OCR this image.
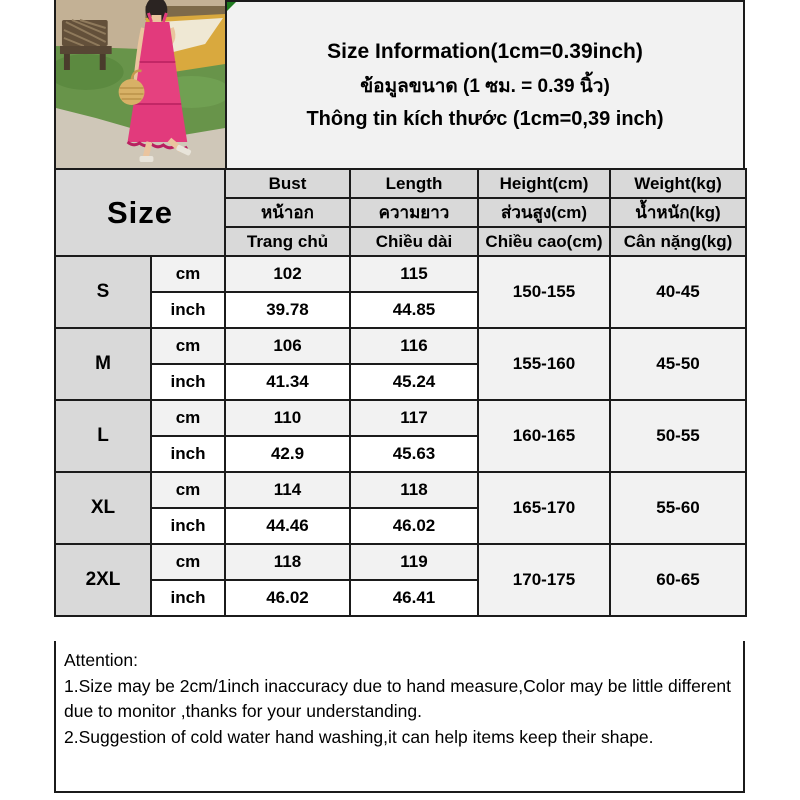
Size Information(1cm=0.39inch)
ข้อมูลขนาด (1 ซม. = 0.39 นิ้ว)
Thông tin kích thước (1cm=0,39 inch)
Size		Bust	Length	Height(cm)	Weight(kg)
		หน้าอก	ความยาว	ส่วนสูง(cm)	น้ำหนัก(kg)
		Trang chủ	Chiều dài	Chiều cao(cm)	Cân nặng(kg)
S	cm	102	115	150-155	40-45
	inch	39.78	44.85		
M	cm	106	116	155-160	45-50
	inch	41.34	45.24		
L	cm	110	117	160-165	50-55
	inch	42.9	45.63		
XL	cm	114	118	165-170	55-60
	inch	44.46	46.02		
2XL	cm	118	119	170-175	60-65
	inch	46.02	46.41		
Attention:
1.Size may be 2cm/1inch inaccuracy due to hand measure,Color may be little different due to monitor ,thanks for your understanding.
2.Suggestion of cold water hand washing,it can help items keep their shape.
